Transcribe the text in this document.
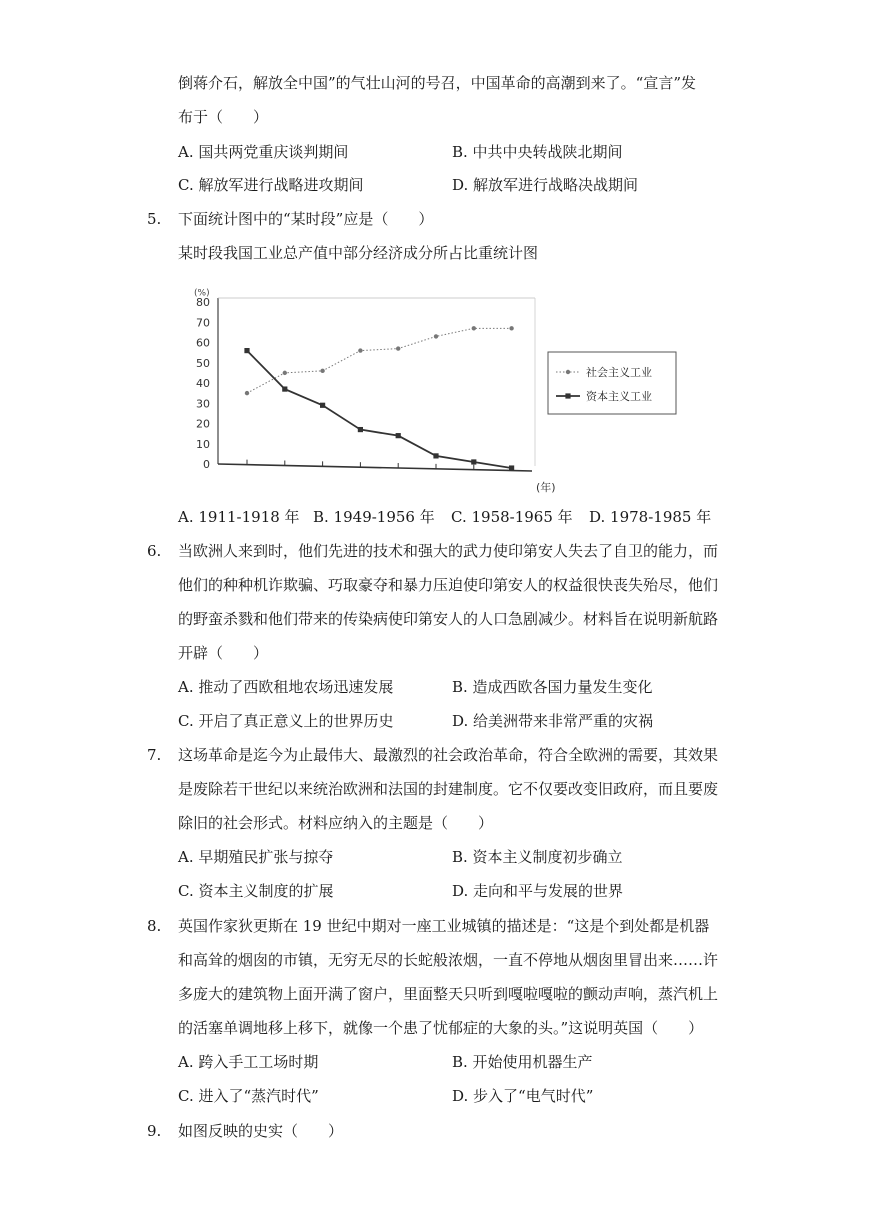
倒蒋介石，解放全中国”的气壮山河的号召，中国革命的高潮到来了。“宣言”发
布于（　　）
A. 国共两党重庆谈判期间	B. 中共中央转战陕北期间
C. 解放军进行战略进攻期间	D. 解放军进行战略决战期间
5. 下面统计图中的“某时段”应是（　　）
某时段我国工业总产值中部分经济成分所占比重统计图
(%)
(年)
80
70
60
50
40
30
20
10
0
社会主义工业
资本主义工业
A. 1911-1918 年 B. 1949-1956 年 C. 1958-1965 年 D. 1978-1985 年
6. 当欧洲人来到时，他们先进的技术和强大的武力使印第安人失去了自卫的能力，而
他们的种种机诈欺骗、巧取豪夺和暴力压迫使印第安人的权益很快丧失殆尽，他们
的野蛮杀戮和他们带来的传染病使印第安人的人口急剧减少。材料旨在说明新航路
开辟（　　）
A. 推动了西欧租地农场迅速发展	B. 造成西欧各国力量发生变化
C. 开启了真正意义上的世界历史	D. 给美洲带来非常严重的灾祸
7. 这场革命是迄今为止最伟大、最激烈的社会政治革命，符合全欧洲的需要，其效果
是废除若干世纪以来统治欧洲和法国的封建制度。它不仅要改变旧政府，而且要废
除旧的社会形式。材料应纳入的主题是（　　）
A. 早期殖民扩张与掠夺	B. 资本主义制度初步确立
C. 资本主义制度的扩展	D. 走向和平与发展的世界
8. 英国作家狄更斯在 19 世纪中期对一座工业城镇的描述是：“这是个到处都是机器
和高耸的烟囱的市镇，无穷无尽的长蛇般浓烟，一直不停地从烟囱里冒出来……许
多庞大的建筑物上面开满了窗户，里面整天只听到嘎啦嘎啦的颤动声响，蒸汽机上
的活塞单调地移上移下，就像一个患了忧郁症的大象的头。”这说明英国（　　）
A. 跨入手工工场时期	B. 开始使用机器生产
C. 进入了“蒸汽时代”	D. 步入了“电气时代”
9. 如图反映的史实（　　）
